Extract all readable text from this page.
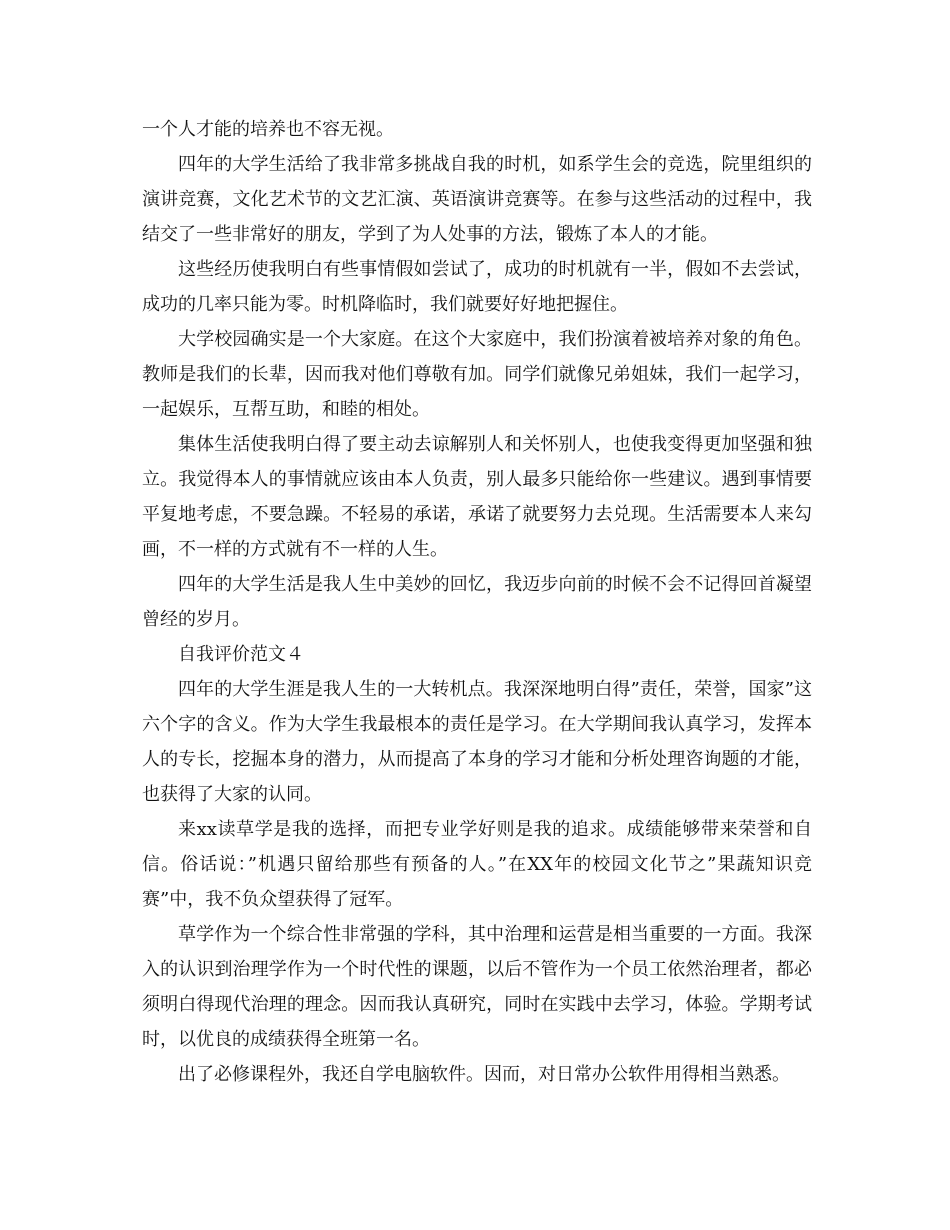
一个人才能的培养也不容无视。

四年的大学生活给了我非常多挑战自我的时机，如系学生会的竞选，院里组织的演讲竞赛，文化艺术节的文艺汇演、英语演讲竞赛等。在参与这些活动的过程中，我结交了一些非常好的朋友，学到了为人处事的方法，锻炼了本人的才能。

这些经历使我明白有些事情假如尝试了，成功的时机就有一半，假如不去尝试，成功的几率只能为零。时机降临时，我们就要好好地把握住。

大学校园确实是一个大家庭。在这个大家庭中，我们扮演着被培养对象的角色。教师是我们的长辈，因而我对他们尊敬有加。同学们就像兄弟姐妹，我们一起学习，一起娱乐，互帮互助，和睦的相处。

集体生活使我明白得了要主动去谅解别人和关怀别人，也使我变得更加坚强和独立。我觉得本人的事情就应该由本人负责，别人最多只能给你一些建议。遇到事情要平复地考虑，不要急躁。不轻易的承诺，承诺了就要努力去兑现。生活需要本人来勾画，不一样的方式就有不一样的人生。

四年的大学生活是我人生中美妙的回忆，我迈步向前的时候不会不记得回首凝望曾经的岁月。

自我评价范文４

四年的大学生涯是我人生的一大转机点。我深深地明白得”责任，荣誉，国家”这六个字的含义。作为大学生我最根本的责任是学习。在大学期间我认真学习，发挥本人的专长，挖掘本身的潜力，从而提高了本身的学习才能和分析处理咨询题的才能，也获得了大家的认同。

来xx读草学是我的选择，而把专业学好则是我的追求。成绩能够带来荣誉和自信。俗话说：”机遇只留给那些有预备的人。”在XX年的校园文化节之”果蔬知识竞赛”中，我不负众望获得了冠军。

草学作为一个综合性非常强的学科，其中治理和运营是相当重要的一方面。我深入的认识到治理学作为一个时代性的课题，以后不管作为一个员工依然治理者，都必须明白得现代治理的理念。因而我认真研究，同时在实践中去学习，体验。学期考试时，以优良的成绩获得全班第一名。

出了必修课程外，我还自学电脑软件。因而，对日常办公软件用得相当熟悉。
